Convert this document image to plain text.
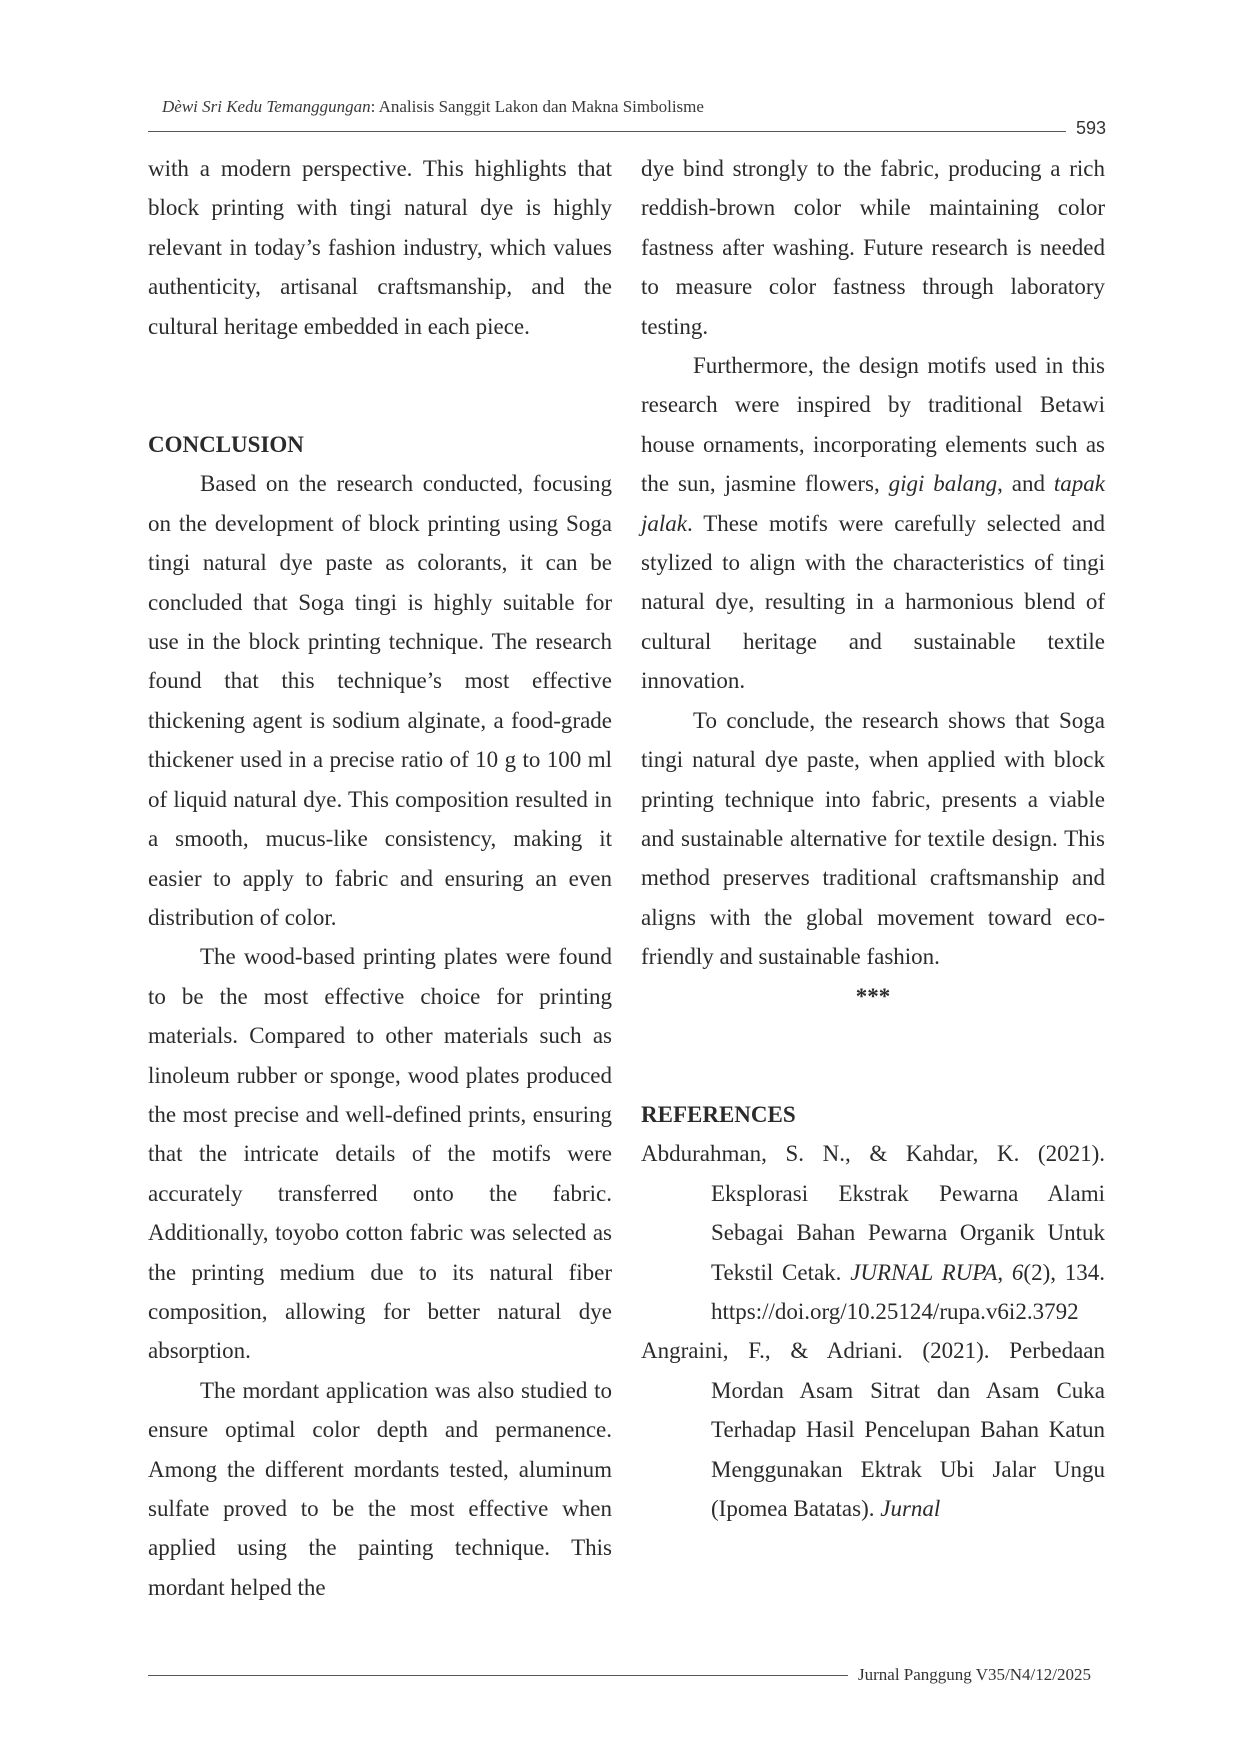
Dèwi Sri Kedu Temanggungan: Analisis Sanggit Lakon dan Makna Simbolisme
593

with a modern perspective. This highlights that block printing with tingi natural dye is highly relevant in today’s fashion industry, which values authenticity, artisanal craftsmanship, and the cultural heritage embedded in each piece.

CONCLUSION

Based on the research conducted, focusing on the development of block printing using Soga tingi natural dye paste as colorants, it can be concluded that Soga tingi is highly suitable for use in the block printing technique. The research found that this technique’s most effective thickening agent is sodium alginate, a food-grade thickener used in a precise ratio of 10 g to 100 ml of liquid natural dye. This composition resulted in a smooth, mucus-like consistency, making it easier to apply to fabric and ensuring an even distribution of color.

The wood-based printing plates were found to be the most effective choice for printing materials. Compared to other materials such as linoleum rubber or sponge, wood plates produced the most precise and well-defined prints, ensuring that the intricate details of the motifs were accurately transferred onto the fabric. Additionally, toyobo cotton fabric was selected as the printing medium due to its natural fiber composition, allowing for better natural dye absorption.

The mordant application was also studied to ensure optimal color depth and permanence. Among the different mordants tested, aluminum sulfate proved to be the most effective when applied using the painting technique. This mordant helped the

dye bind strongly to the fabric, producing a rich reddish-brown color while maintaining color fastness after washing. Future research is needed to measure color fastness through laboratory testing.

Furthermore, the design motifs used in this research were inspired by traditional Betawi house ornaments, incorporating elements such as the sun, jasmine flowers, gigi balang, and tapak jalak. These motifs were carefully selected and stylized to align with the characteristics of tingi natural dye, resulting in a harmonious blend of cultural heritage and sustainable textile innovation.

To conclude, the research shows that Soga tingi natural dye paste, when applied with block printing technique into fabric, presents a viable and sustainable alternative for textile design. This method preserves traditional craftsmanship and aligns with the global movement toward eco-friendly and sustainable fashion.

***

REFERENCES

Abdurahman, S. N., & Kahdar, K. (2021). Eksplorasi Ekstrak Pewarna Alami Sebagai Bahan Pewarna Organik Untuk Tekstil Cetak. JURNAL RUPA, 6(2), 134. https://doi.org/10.25124/rupa.v6i2.3792

Angraini, F., & Adriani. (2021). Perbedaan Mordan Asam Sitrat dan Asam Cuka Terhadap Hasil Pencelupan Bahan Katun Menggunakan Ektrak Ubi Jalar Ungu (Ipomea Batatas). Jurnal

Jurnal Panggung V35/N4/12/2025
